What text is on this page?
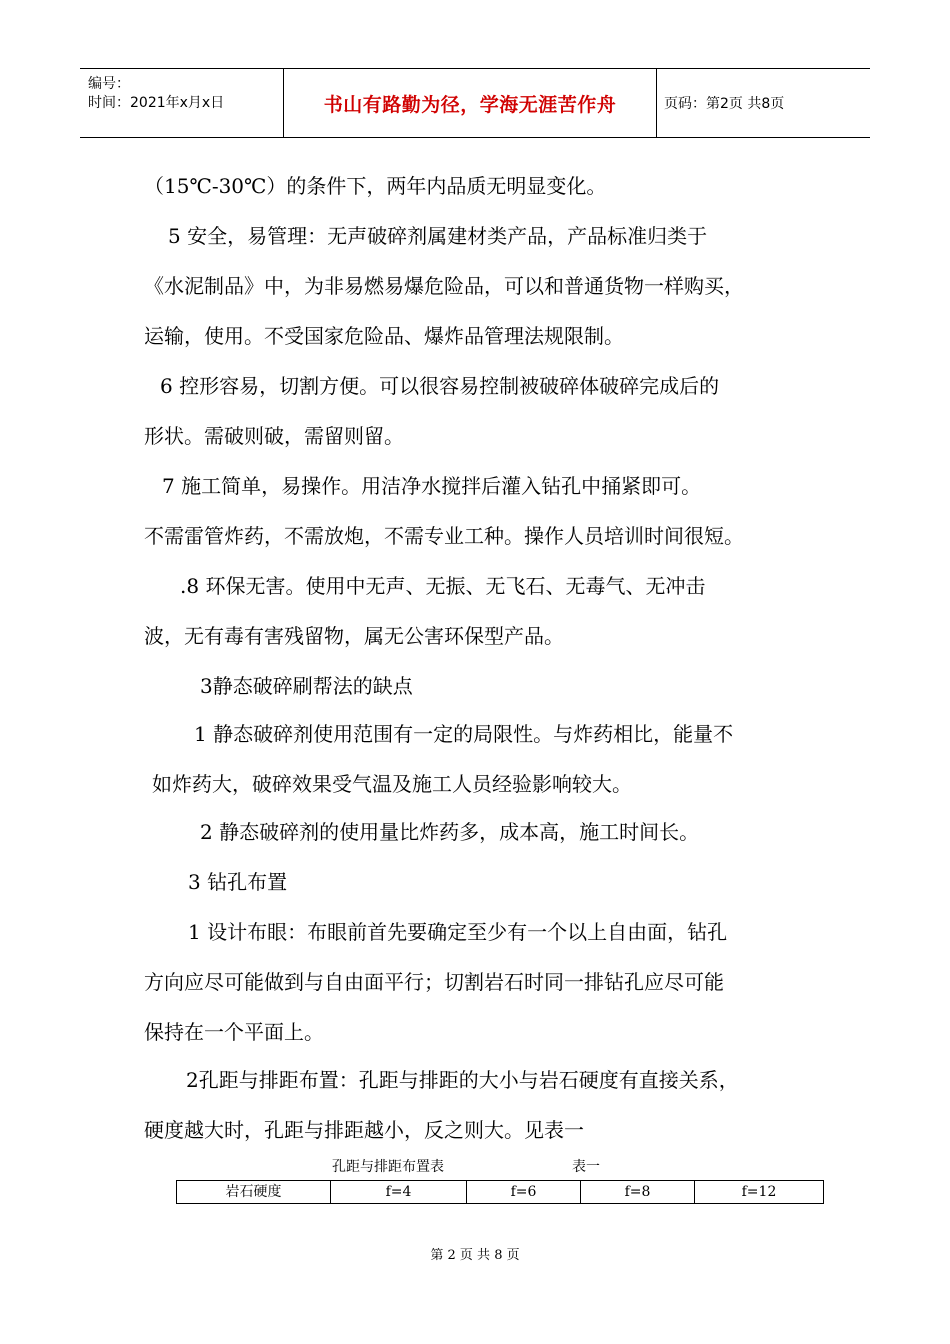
编号：
时间：2021年x月x日	书山有路勤为径，学海无涯苦作舟	页码：第2页 共8页
（15℃-30℃）的条件下，两年内品质无明显变化。
5 安全，易管理：无声破碎剂属建材类产品，产品标准归类于
《水泥制品》中，为非易燃易爆危险品，可以和普通货物一样购买，
运输，使用。不受国家危险品、爆炸品管理法规限制。
6 控形容易，切割方便。可以很容易控制被破碎体破碎完成后的
形状。需破则破，需留则留。
7 施工简单，易操作。用洁净水搅拌后灌入钻孔中捅紧即可。
不需雷管炸药，不需放炮，不需专业工种。操作人员培训时间很短。
.8 环保无害。使用中无声、无振、无飞石、无毒气、无冲击
波，无有毒有害残留物，属无公害环保型产品。
3静态破碎刷帮法的缺点
1 静态破碎剂使用范围有一定的局限性。与炸药相比，能量不
如炸药大，破碎效果受气温及施工人员经验影响较大。
2 静态破碎剂的使用量比炸药多，成本高，施工时间长。
3 钻孔布置
1 设计布眼：布眼前首先要确定至少有一个以上自由面，钻孔
方向应尽可能做到与自由面平行；切割岩石时同一排钻孔应尽可能
保持在一个平面上。
2孔距与排距布置：孔距与排距的大小与岩石硬度有直接关系，
硬度越大时，孔距与排距越小，反之则大。见表一
孔距与排距布置表	表一
岩石硬度	f=4	f=6	f=8	f=12
第 2 页 共 8 页
